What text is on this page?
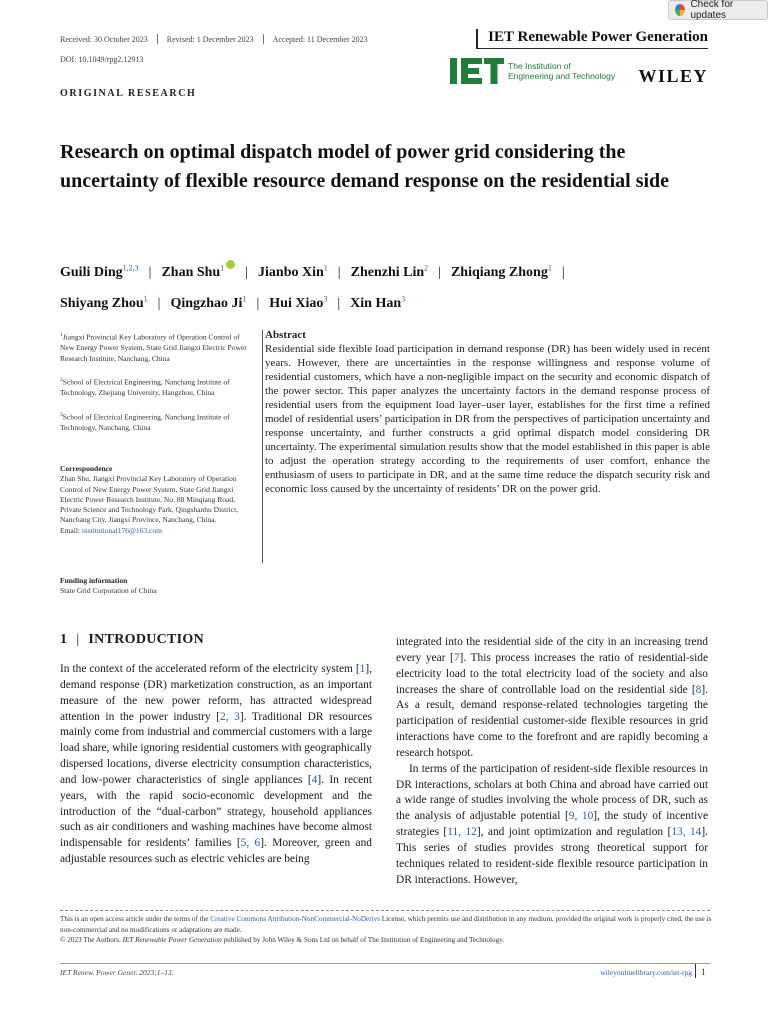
Check for updates
Received: 30 October 2023 Revised: 1 December 2023 Accepted: 11 December 2023	IET Renewable Power Generation
DOI: 10.1049/rpg2.12913
The Institution of
Engineering and Technology WILEY
ORIGINAL RESEARCH
Research on optimal dispatch model of power grid considering the uncertainty of flexible resource demand response on the residential side
Guili Ding$^{1,2,3}$ | Zhan Shu$^1$ | Jianbo Xin$^1$ | Zhenzhi Lin$^2$ | Zhiqiang Zhong$^1$ |
Shiyang Zhou$^1$ | Qingzhao Ji$^1$ | Hui Xiao$^3$ | Xin Han$^3$

$^1$Jiangxi Provincial Key Laboratory of Operation Control of New Energy Power System, State Grid Jiangxi Electric Power Research Institute, Nanchang, China

$^2$School of Electrical Engineering, Nanchang Institute of Technology, Zhejiang University, Hangzhou, China

$^3$School of Electrical Engineering, Nanchang Institute of Technology, Nanchang, China

Correspondence

Zhan Shu, Jiangxi Provincial Key Laboratory of Operation Control of New Energy Power System, State Grid Jiangxi Electric Power Research Institute, No. 88 Minqiang Road, Private Science and Technology Park, Qingshanhu District, Nanchang City, Jiangxi Province, Nanchang, China.
Email: institutional176@163.com

Funding information

State Grid Corporation of China
Abstract

Residential side flexible load participation in demand response (DR) has been widely used in recent years. However, there are uncertainties in the response willingness and response volume of residential customers, which have a non-negligible impact on the security and economic dispatch of the power sector. This paper analyzes the uncertainty factors in the demand response process of residential users from the equipment load layer–user layer, establishes for the first time a refined model of residential users’ participation in DR from the perspectives of participation uncertainty and response uncertainty, and further constructs a grid optimal dispatch model considering DR uncertainty. The experimental simulation results show that the model established in this paper is able to adjust the operation strategy according to the requirements of user comfort, enhance the enthusiasm of users to participate in DR, and at the same time reduce the dispatch security risk and economic loss caused by the uncertainty of residents’ DR on the power grid.

1 | INTRODUCTION

In the context of the accelerated reform of the electricity system [1], demand response (DR) marketization construction, as an important measure of the new power reform, has attracted widespread attention in the power industry [2, 3]. Traditional DR resources mainly come from industrial and commercial customers with a large load share, while ignoring residential customers with geographically dispersed locations, diverse electricity consumption characteristics, and low-power characteristics of single appliances [4]. In recent years, with the rapid socio-economic development and the introduction of the “dual-carbon” strategy, household appliances such as air conditioners and washing machines have become almost indispensable for residents’ families [5, 6]. Moreover, green and adjustable resources such as electric vehicles are being

integrated into the residential side of the city in an increasing trend every year [7]. This process increases the ratio of residential-side electricity load to the total electricity load of the society and also increases the share of controllable load on the residential side [8]. As a result, demand response-related technologies targeting the participation of residential customer-side flexible resources in grid interactions have come to the forefront and are rapidly becoming a research hotspot.

In terms of the participation of resident-side flexible resources in DR interactions, scholars at both China and abroad have carried out a wide range of studies involving the whole process of DR, such as the analysis of adjustable potential [9, 10], the study of incentive strategies [11, 12], and joint optimization and regulation [13, 14]. This series of studies provides strong theoretical support for techniques related to resident-side flexible resource participation in DR interactions. However,

This is an open access article under the terms of the Creative Commons Attribution-NonCommercial-NoDerivs License, which permits use and distribution in any medium, provided the original work is properly cited, the use is non-commercial and no modifications or adaptations are made.

© 2023 The Authors. IET Renewable Power Generation published by John Wiley & Sons Ltd on behalf of The Institution of Engineering and Technology.

IET Renew. Power Gener. 2023;1–13.	wileyonlinelibrary.com/iet-rpg 1
